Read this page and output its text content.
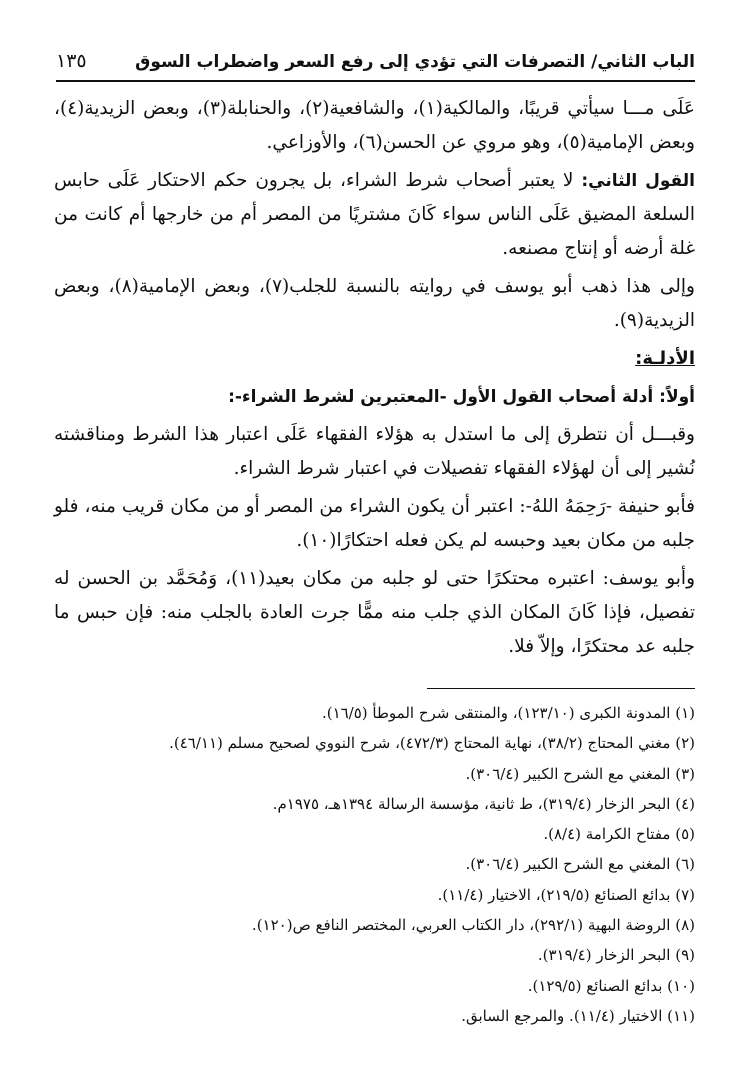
الباب الثاني/ التصرفات التي تؤدي إلى رفع السعر واضطراب السوق
١٣٥

عَلَى مـــا سيأتي قريبًا، والمالكية(١)، والشافعية(٢)، والحنابلة(٣)، وبعض الزيدية(٤)، وبعض الإمامية(٥)، وهو مروي عن الحسن(٦)، والأوزاعي.

القول الثاني: لا يعتبر أصحاب شرط الشراء، بل يجرون حكم الاحتكار عَلَى حابس السلعة المضيق عَلَى الناس سواء كَانَ مشتريًا من المصر أم من خارجها أم كانت من غلة أرضه أو إنتاج مصنعه.

وإلى هذا ذهب أبو يوسف في روايته بالنسبة للجلب(٧)، وبعض الإمامية(٨)، وبعض الزيدية(٩).

الأدلـة:

أولاً: أدلة أصحاب القول الأول -المعتبرين لشرط الشراء-:

وقبـــل أن نتطرق إلى ما استدل به هؤلاء الفقهاء عَلَى اعتبار هذا الشرط ومناقشته نُشير إلى أن لهؤلاء الفقهاء تفصيلات في اعتبار شرط الشراء.

فأبو حنيفة -رَحِمَهُ اللهُ-: اعتبر أن يكون الشراء من المصر أو من مكان قريب منه، فلو جلبه من مكان بعيد وحبسه لم يكن فعله احتكارًا(١٠).

وأبو يوسف: اعتبره محتكرًا حتى لو جلبه من مكان بعيد(١١)، وَمُحَمَّد بن الحسن له تفصيل، فإذا كَانَ المكان الذي جلب منه ممًّا جرت العادة بالجلب منه: فإن حبس ما جلبه عد محتكرًا، وإلاّ فلا.

(١) المدونة الكبرى (١٢٣/١٠)، والمنتقى شرح الموطأ (١٦/٥).
(٢) مغني المحتاج (٣٨/٢)، نهاية المحتاج (٤٧٢/٣)، شرح النووي لصحيح مسلم (٤٦/١١).
(٣) المغني مع الشرح الكبير (٣٠٦/٤).
(٤) البحر الزخار (٣١٩/٤)، ط ثانية، مؤسسة الرسالة ١٣٩٤هـ، ١٩٧٥م.
(٥) مفتاح الكرامة (٨/٤).
(٦) المغني مع الشرح الكبير (٣٠٦/٤).
(٧) بدائع الصنائع (٢١٩/٥)، الاختيار (١١/٤).
(٨) الروضة البهية (٢٩٢/١)، دار الكتاب العربي، المختصر النافع ص(١٢٠).
(٩) البحر الزخار (٣١٩/٤).
(١٠) بدائع الصنائع (١٢٩/٥).
(١١) الاختيار (١١/٤). والمرجع السابق.
